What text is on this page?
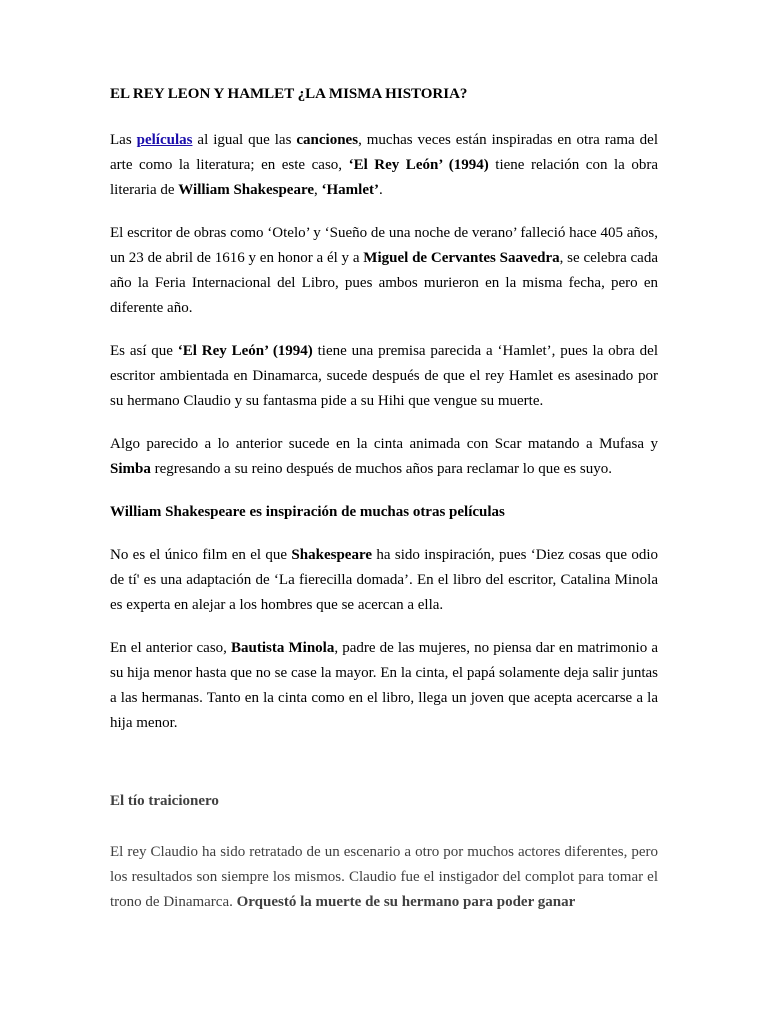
EL REY LEON Y HAMLET ¿LA MISMA HISTORIA?

Las películas al igual que las canciones, muchas veces están inspiradas en otra rama del arte como la literatura; en este caso, ‘El Rey León’ (1994) tiene relación con la obra literaria de William Shakespeare, ‘Hamlet’.

El escritor de obras como ‘Otelo’ y ‘Sueño de una noche de verano’ falleció hace 405 años, un 23 de abril de 1616 y en honor a él y a Miguel de Cervantes Saavedra, se celebra cada año la Feria Internacional del Libro, pues ambos murieron en la misma fecha, pero en diferente año.

Es así que ‘El Rey León’ (1994) tiene una premisa parecida a ‘Hamlet’, pues la obra del escritor ambientada en Dinamarca, sucede después de que el rey Hamlet es asesinado por su hermano Claudio y su fantasma pide a su Hihi que vengue su muerte.

Algo parecido a lo anterior sucede en la cinta animada con Scar matando a Mufasa y Simba regresando a su reino después de muchos años para reclamar lo que es suyo.

William Shakespeare es inspiración de muchas otras películas

No es el único film en el que Shakespeare ha sido inspiración, pues ‘Diez cosas que odio de tí' es una adaptación de ‘La fierecilla domada’. En el libro del escritor, Catalina Minola es experta en alejar a los hombres que se acercan a ella.

En el anterior caso, Bautista Minola, padre de las mujeres, no piensa dar en matrimonio a su hija menor hasta que no se case la mayor. En la cinta, el papá solamente deja salir juntas a las hermanas. Tanto en la cinta como en el libro, llega un joven que acepta acercarse a la hija menor.

El tío traicionero

El rey Claudio ha sido retratado de un escenario a otro por muchos actores diferentes, pero los resultados son siempre los mismos. Claudio fue el instigador del complot para tomar el trono de Dinamarca. Orquestó la muerte de su hermano para poder ganar
